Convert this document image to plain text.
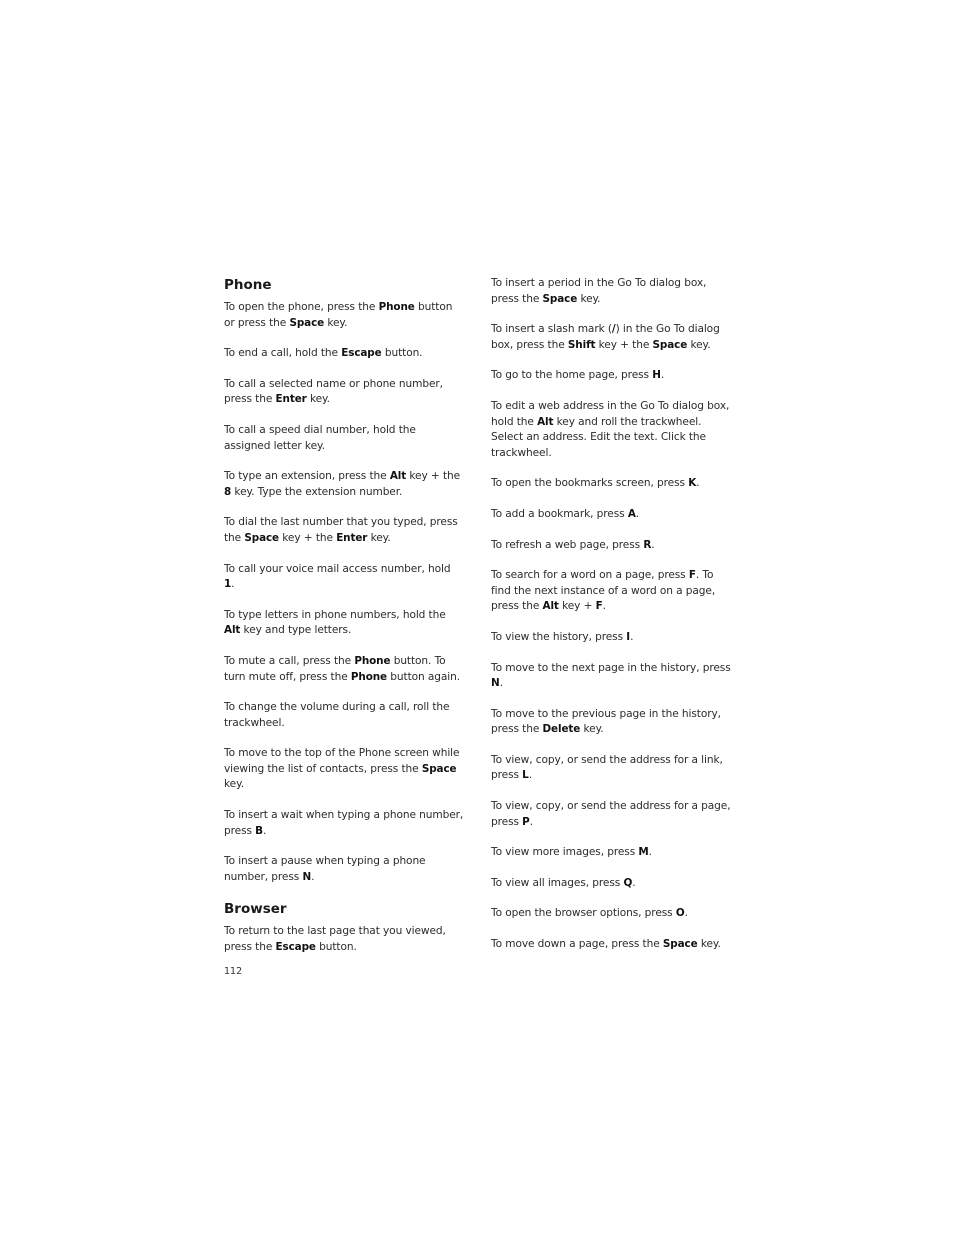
Phone

To open the phone, press the Phone button or press the Space key.

To end a call, hold the Escape button.

To call a selected name or phone number, press the Enter key.

To call a speed dial number, hold the assigned letter key.

To type an extension, press the Alt key + the 8 key. Type the extension number.

To dial the last number that you typed, press the Space key + the Enter key.

To call your voice mail access number, hold 1.

To type letters in phone numbers, hold the Alt key and type letters.

To mute a call, press the Phone button. To turn mute off, press the Phone button again.

To change the volume during a call, roll the trackwheel.

To move to the top of the Phone screen while viewing the list of contacts, press the Space key.

To insert a wait when typing a phone number, press B.

To insert a pause when typing a phone number, press N.

Browser

To return to the last page that you viewed, press the Escape button.

To insert a period in the Go To dialog box, press the Space key.

To insert a slash mark (/) in the Go To dialog box, press the Shift key + the Space key.

To go to the home page, press H.

To edit a web address in the Go To dialog box, hold the Alt key and roll the trackwheel. Select an address. Edit the text. Click the trackwheel.

To open the bookmarks screen, press K.

To add a bookmark, press A.

To refresh a web page, press R.

To search for a word on a page, press F. To find the next instance of a word on a page, press the Alt key + F.

To view the history, press I.

To move to the next page in the history, press N.

To move to the previous page in the history, press the Delete key.

To view, copy, or send the address for a link, press L.

To view, copy, or send the address for a page, press P.

To view more images, press M.

To view all images, press Q.

To open the browser options, press O.

To move down a page, press the Space key.

112
